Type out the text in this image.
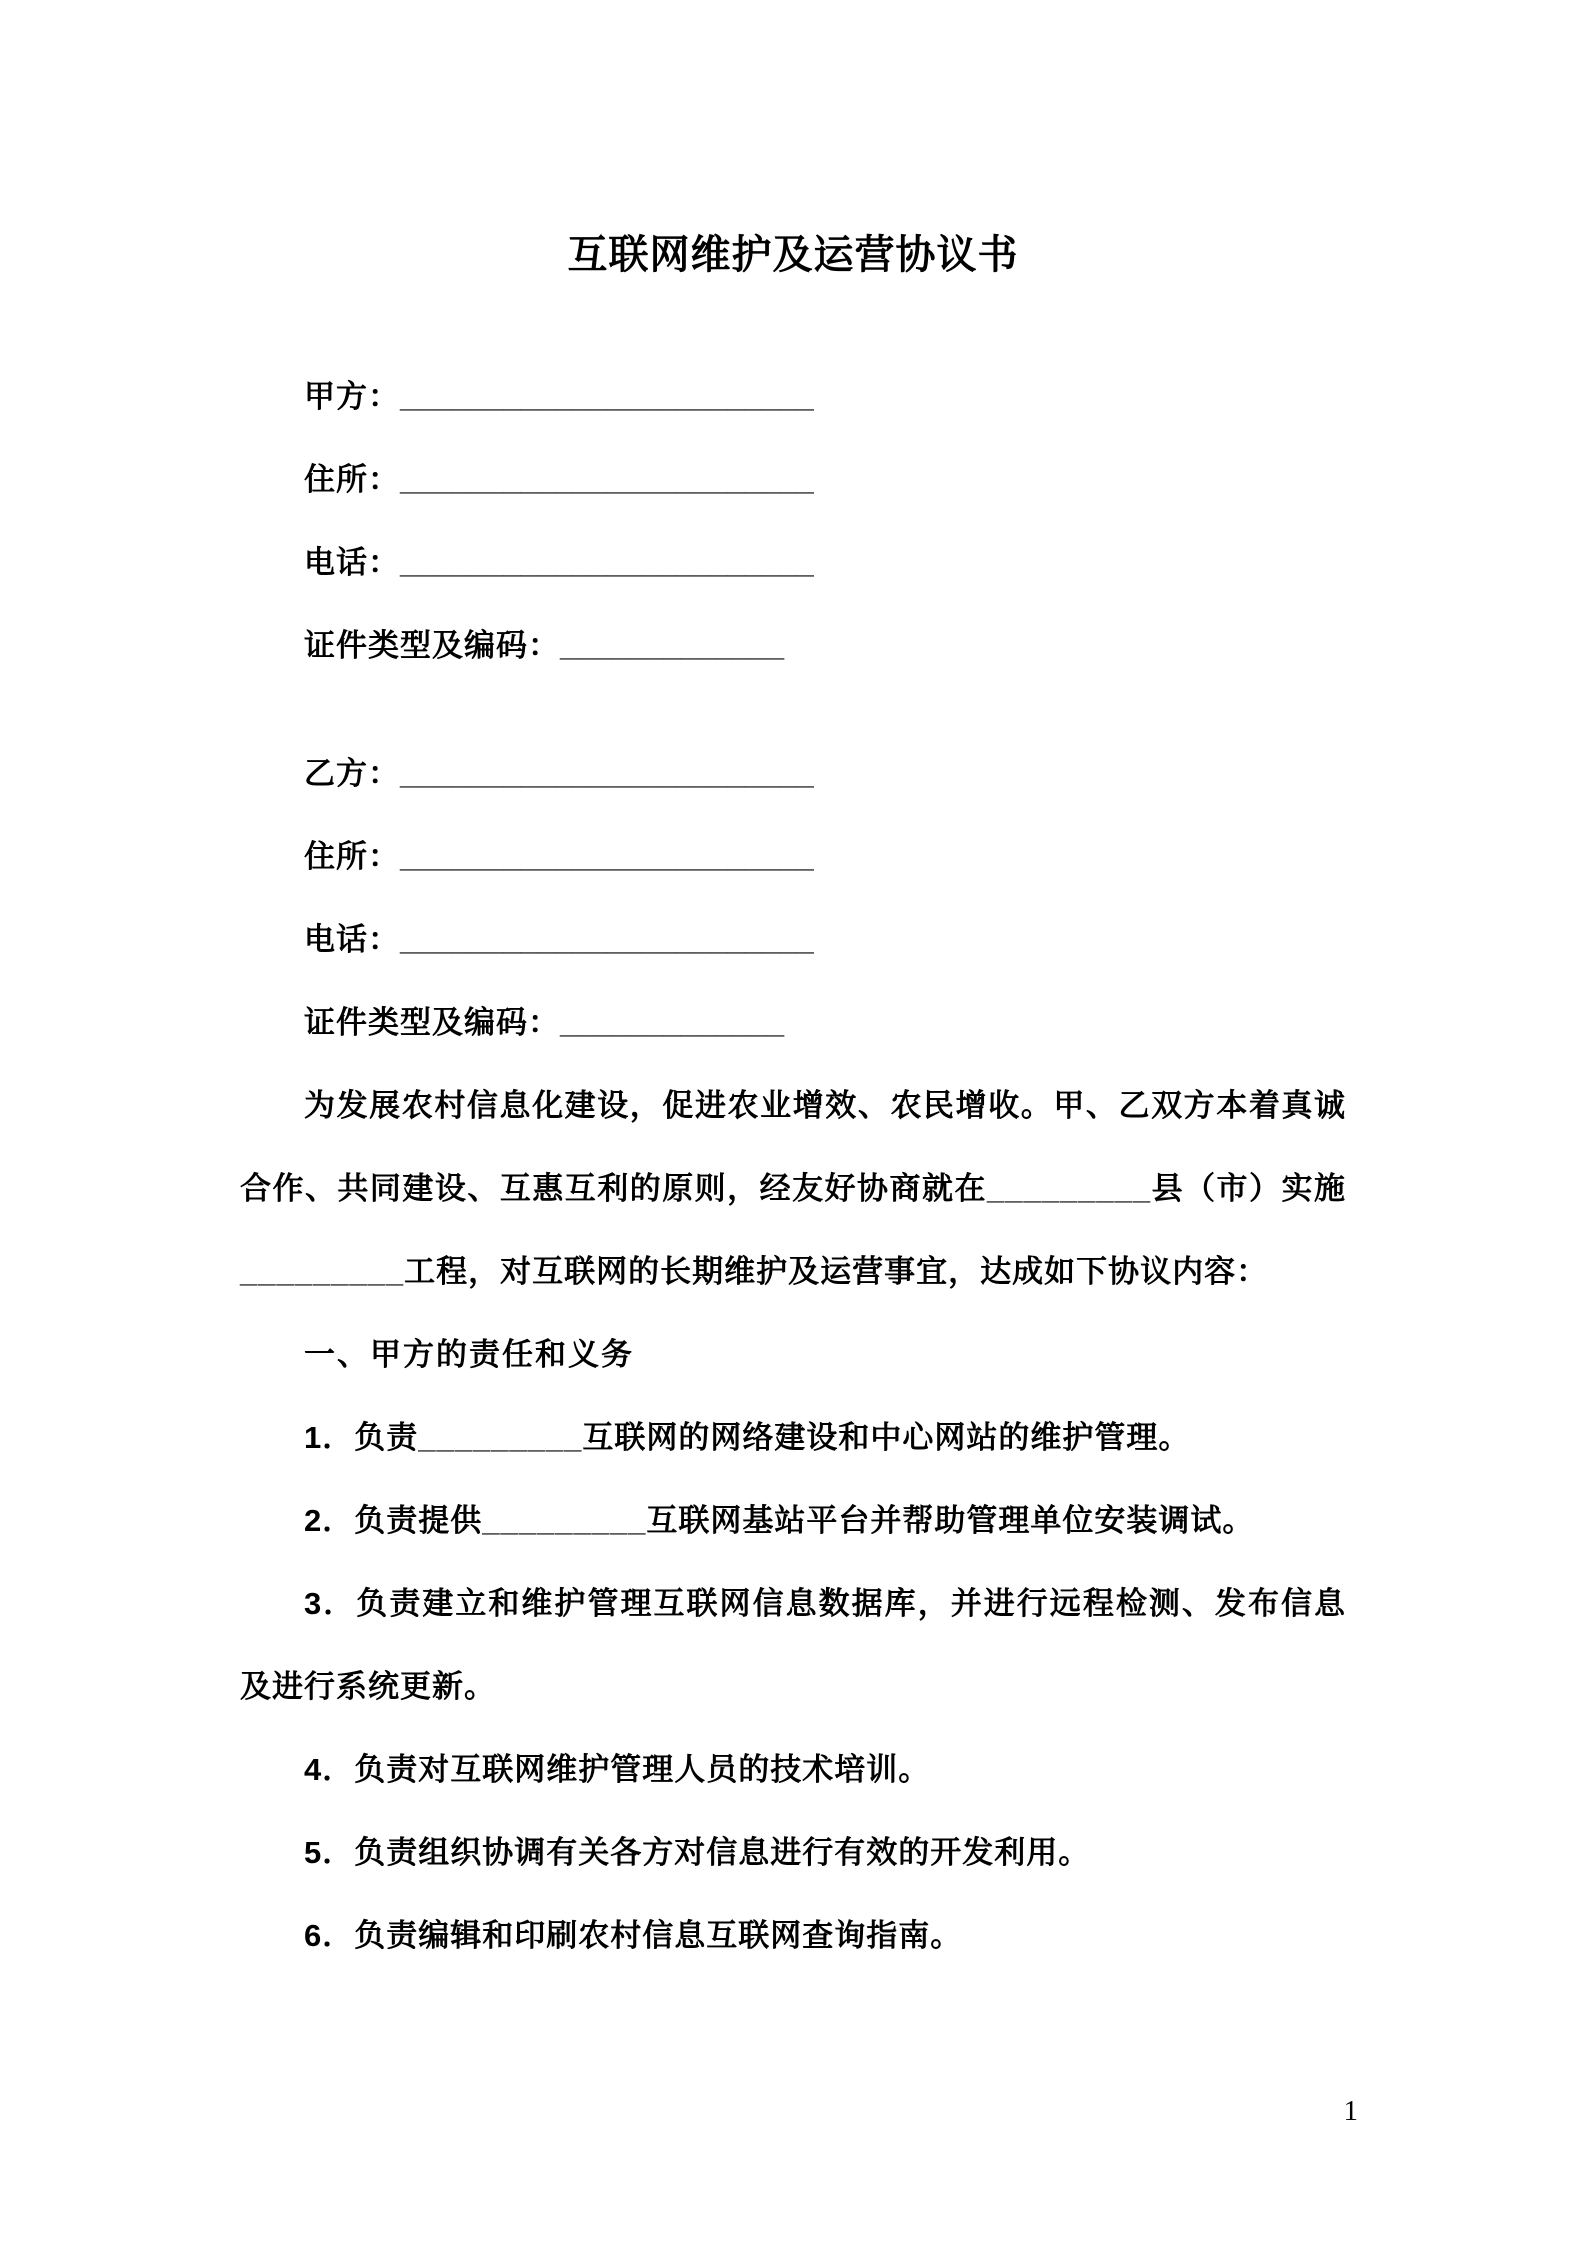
互联网维护及运营协议书
甲方：________________________
住所：________________________
电话：________________________
证件类型及编码：_____________
乙方：________________________
住所：________________________
电话：________________________
证件类型及编码：_____________

为发展农村信息化建设，促进农业增效、农民增收。甲、乙双方本着真诚合作、共同建设、互惠互利的原则，经友好协商就在_________县（市）实施_________工程，对互联网的长期维护及运营事宜，达成如下协议内容：

一、甲方的责任和义务

1．负责_________互联网的网络建设和中心网站的维护管理。

2．负责提供_________互联网基站平台并帮助管理单位安装调试。

3．负责建立和维护管理互联网信息数据库，并进行远程检测、发布信息及进行系统更新。

4．负责对互联网维护管理人员的技术培训。

5．负责组织协调有关各方对信息进行有效的开发利用。

6．负责编辑和印刷农村信息互联网查询指南。

1
